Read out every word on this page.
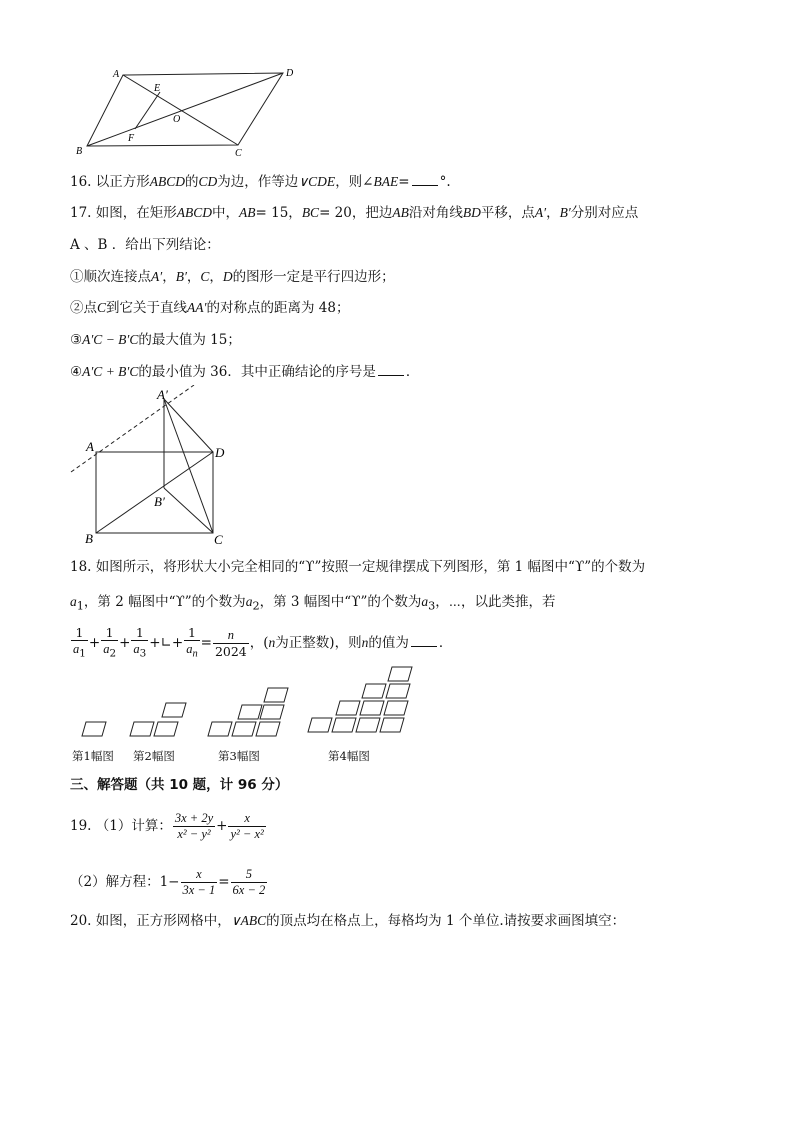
A	D
E
O
F
B	C
16. 以正方形ABCD的CD为边，作等边∨CDE，则∠BAE= °.
17. 如图，在矩形ABCD中，AB= 15，BC= 20，把边AB沿对角线BD平移，点A′，B′分别对应点
A 、B ．给出下列结论：
①顺次连接点A′，B′，C，D的图形一定是平行四边形；
②点C到它关于直线AA′的对称点的距离为 48；
③A′C − B′C的最大值为 15；
④A′C + B′C的最小值为 36．其中正确结论的序号是 ．
A′
A	D
B′
B	C
18. 如图所示，将形状大小完全相同的“ϒ”按照一定规律摆成下列图形，第 1 幅图中“ϒ”的个数为
$a_1$，第 2 幅图中“ϒ”的个数为$a_2$，第 3 幅图中“ϒ”的个数为$a_3$，⋯，以此类推，若
$\frac{1}{a_1} + \frac{1}{a_2} + \frac{1}{a_3}$ +∟+ $\frac{1}{a_n} = \frac{n}{2024}$ ，(n为正整数)，则n的值为 ．
第1幅图 第2幅图	第3幅图	第4幅图
三、解答题（共 10 题，计 96 分）
19. （1）计算： $\frac{3x + 2y}{\text{x² − y²}} + \frac{x}{\text{y² − x²}}$
（2）解方程：$1- \frac{x}{3x - 1} = \frac{5}{6x - 2}$
20. 如图，正方形网格中，∨ABC的顶点均在格点上，每格均为 1 个单位.请按要求画图填空：
